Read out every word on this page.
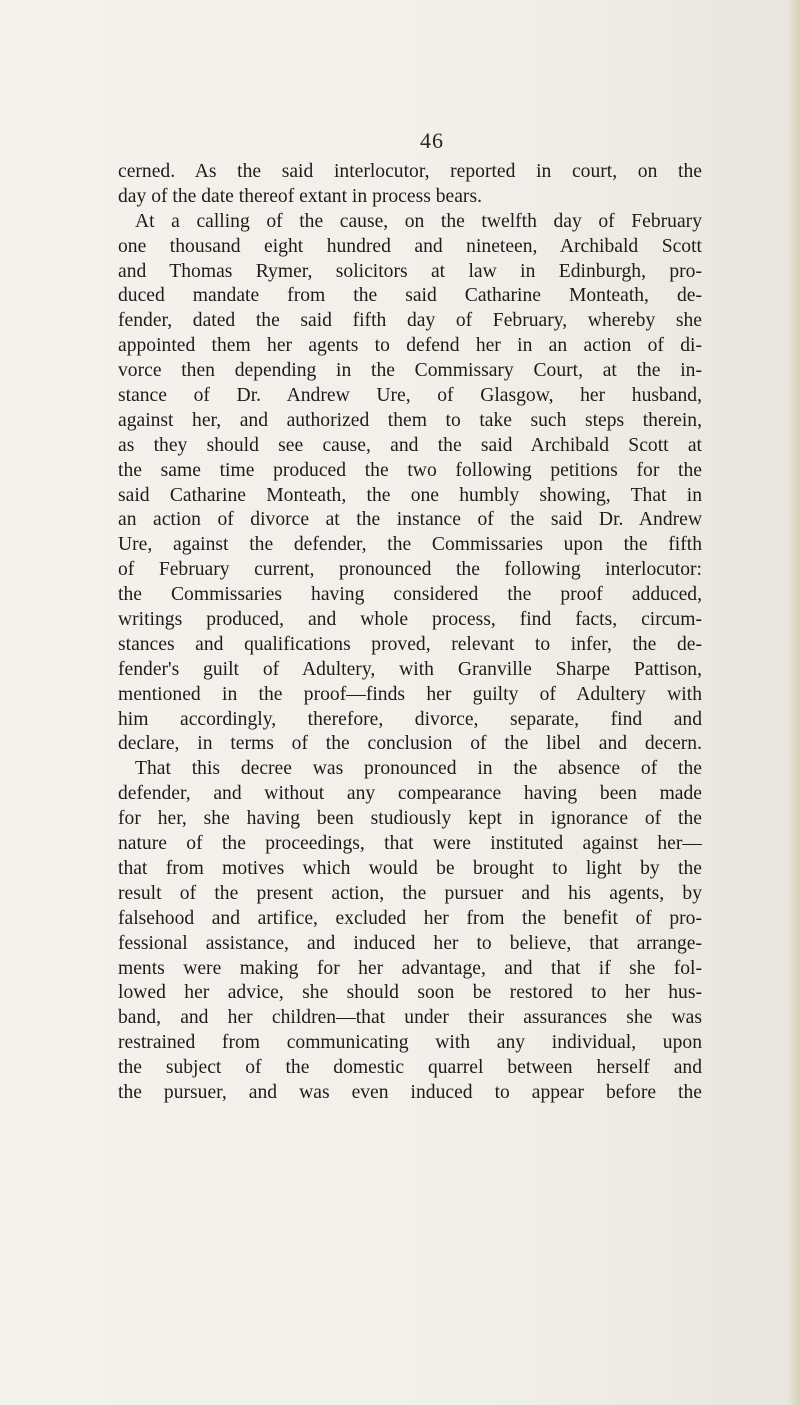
46
cerned. As the said interlocutor, reported in court, on the
day of the date thereof extant in process bears.
At a calling of the cause, on the twelfth day of February
one thousand eight hundred and nineteen, Archibald Scott
and Thomas Rymer, solicitors at law in Edinburgh, pro-
duced mandate from the said Catharine Monteath, de-
fender, dated the said fifth day of February, whereby she
appointed them her agents to defend her in an action of di-
vorce then depending in the Commissary Court, at the in-
stance of Dr. Andrew Ure, of Glasgow, her husband,
against her, and authorized them to take such steps therein,
as they should see cause, and the said Archibald Scott at
the same time produced the two following petitions for the
said Catharine Monteath, the one humbly showing, That in
an action of divorce at the instance of the said Dr. Andrew
Ure, against the defender, the Commissaries upon the fifth
of February current, pronounced the following interlocutor:
the Commissaries having considered the proof adduced,
writings produced, and whole process, find facts, circum-
stances and qualifications proved, relevant to infer, the de-
fender's guilt of Adultery, with Granville Sharpe Pattison,
mentioned in the proof—finds her guilty of Adultery with
him accordingly, therefore, divorce, separate, find and
declare, in terms of the conclusion of the libel and decern.
That this decree was pronounced in the absence of the
defender, and without any compearance having been made
for her, she having been studiously kept in ignorance of the
nature of the proceedings, that were instituted against her—
that from motives which would be brought to light by the
result of the present action, the pursuer and his agents, by
falsehood and artifice, excluded her from the benefit of pro-
fessional assistance, and induced her to believe, that arrange-
ments were making for her advantage, and that if she fol-
lowed her advice, she should soon be restored to her hus-
band, and her children—that under their assurances she was
restrained from communicating with any individual, upon
the subject of the domestic quarrel between herself and
the pursuer, and was even induced to appear before the
